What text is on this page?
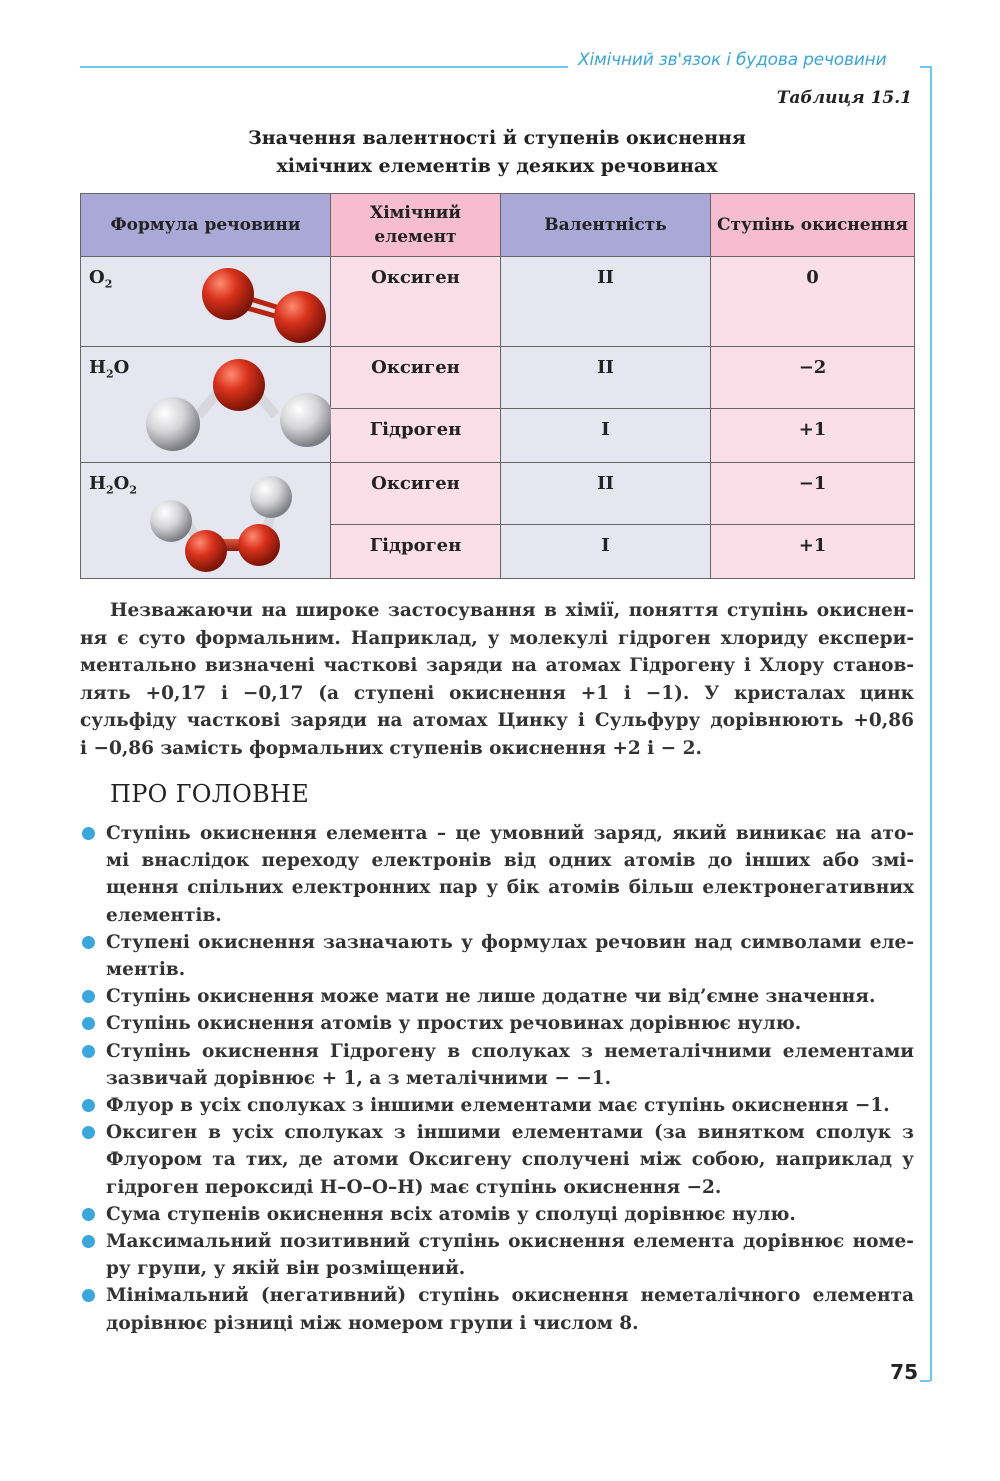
Хімічний зв'язок і будова речовини
Таблиця 15.1
Значення валентності й ступенів окиснення
хімічних елементів у деяких речовинах
Формула речовини	Хімічний елемент	Валентність	Ступінь окиснення

$O_2$	Оксиген	II	0

$H_2O$	Оксиген	II	−2

	Гідроген	I	+1

$H_2O_2$	Оксиген	II	−1

	Гідроген	I	+1
Незважаючи на широке застосування в хімії, поняття ступінь окиснен-
ня є суто формальним. Наприклад, у молекулі гідроген хлориду експери-
ментально визначені часткові заряди на атомах Гідрогену і Хлору станов-
лять +0,17 і −0,17 (а ступені окиснення +1 і −1). У кристалах цинк
сульфіду часткові заряди на атомах Цинку і Сульфуру дорівнюють +0,86
і −0,86 замість формальних ступенів окиснення +2 і − 2.
ПРО ГОЛОВНЕ
Ступінь окиснення елемента – це умовний заряд, який виникає на ато-
мі внаслідок переходу електронів від одних атомів до інших або змі-
щення спільних електронних пар у бік атомів більш електронегативних
елементів.
Ступені окиснення зазначають у формулах речовин над символами еле-
ментів.
Ступінь окиснення може мати не лише додатне чи від’ємне значення.
Ступінь окиснення атомів у простих речовинах дорівнює нулю.
Ступінь окиснення Гідрогену в сполуках з неметалічними елементами
зазвичай дорівнює + 1, а з металічними − −1.
Флуор в усіх сполуках з іншими елементами має ступінь окиснення −1.
Оксиген в усіх сполуках з іншими елементами (за винятком сполук з
Флуором та тих, де атоми Оксигену сполучені між собою, наприклад у
гідроген пероксиді H–O–O–H) має ступінь окиснення −2.
Сума ступенів окиснення всіх атомів у сполуці дорівнює нулю.
Максимальний позитивний ступінь окиснення елемента дорівнює номе-
ру групи, у якій він розміщений.
Мінімальний (негативний) ступінь окиснення неметалічного елемента
дорівнює різниці між номером групи і числом 8.
75
